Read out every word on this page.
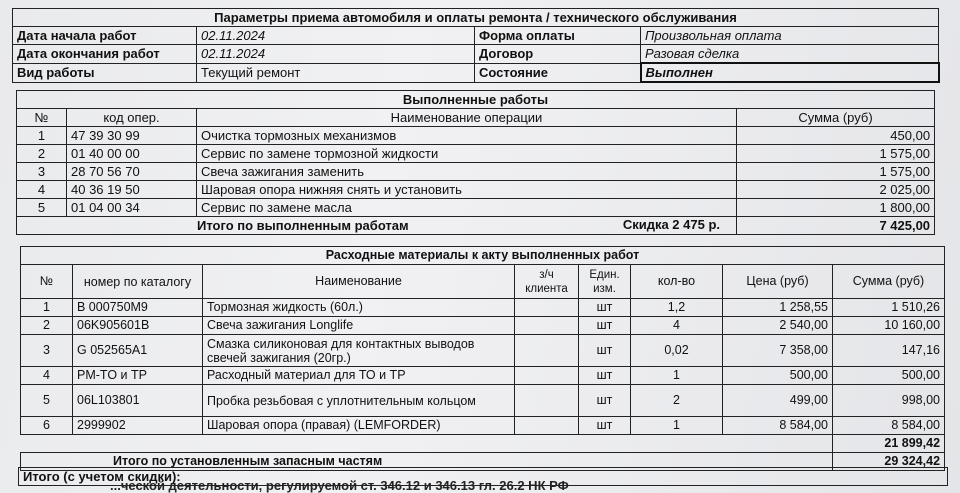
Параметры приема автомобиля и оплаты ремонта / технического обслуживания			
Дата начала работ	02.11.2024	Форма оплаты	Произвольная оплата
Дата окончания работ	02.11.2024	Договор	Разовая сделка
Вид работы	Текущий ремонт	Состояние	Выполнен
Выполненные работы			
№	код опер.	Наименование операции	Сумма (руб)
1	47 39 30 99	Очистка тормозных механизмов	450,00
2	01 40 00 00	Сервис по замене тормозной жидкости	1 575,00
3	28 70 56 70	Свеча зажигания заменить	1 575,00
4	40 36 19 50	Шаровая опора нижняя снять и установить	2 025,00
5	01 04 00 34	Сервис по замене масла	1 800,00
Итого по выполненным работам Скидка 2 475 р.			7 425,00
Расходные материалы к акту выполненных работ							
№	номер по каталогу	Наименование	з/ч клиента	Един. изм.	кол-во	Цена (руб)	Сумма (руб)
1	B 000750M9	Тормозная жидкость (60л.)		шт	1,2	1 258,55	1 510,26
2	06K905601B	Свеча зажигания Longlife		шт	4	2 540,00	10 160,00
3	G 052565A1	Смазка силиконовая для контактных выводов свечей зажигания (20гр.)		шт	0,02	7 358,00	147,16
4	PM-TO и TP	Расходный материал для ТО и ТР		шт	1	500,00	500,00
5	06L103801	Пробка резьбовая с уплотнительным кольцом		шт	2	499,00	998,00
6	2999902	Шаровая опора (правая) (LEMFORDER)		шт	1	8 584,00	8 584,00
							21 899,42
Итого по установленным запасным частям							29 324,42
Итого (с учетом скидки):
...ческой деятельности, регулируемой ст. 346.12 и 346.13 гл. 26.2 НК РФ
